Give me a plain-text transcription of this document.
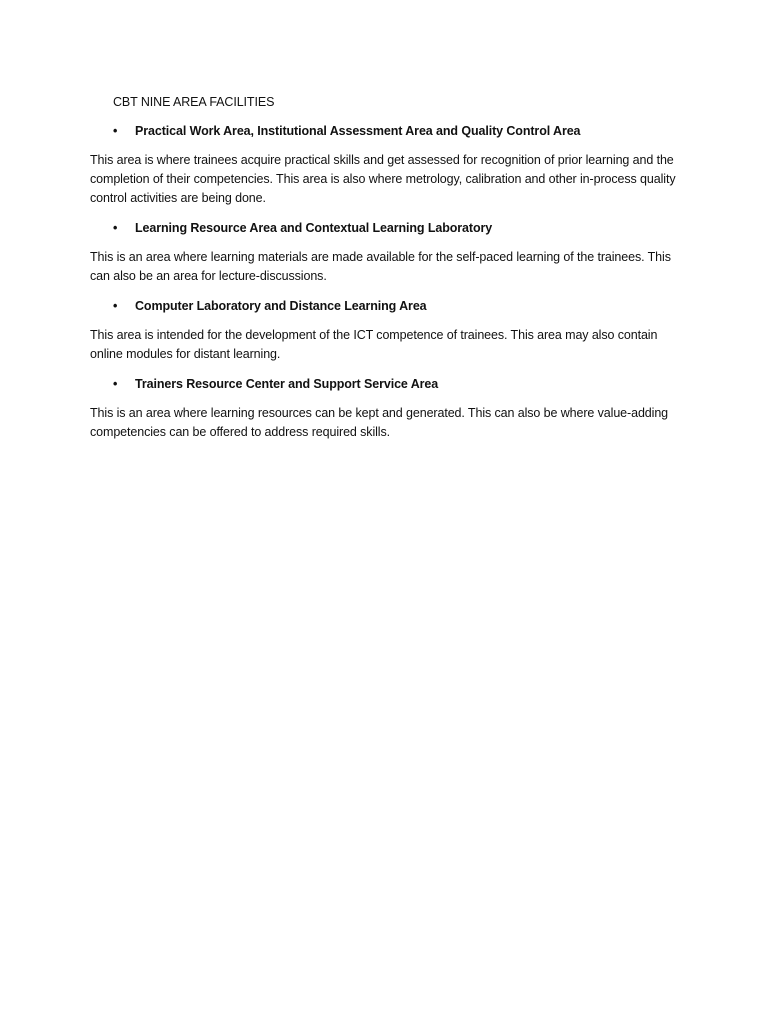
CBT NINE AREA FACILITIES

•	Practical Work Area, Institutional Assessment Area and Quality Control Area

This area is where trainees acquire practical skills and get assessed for recognition of prior learning and the completion of their competencies. This area is also where metrology, calibration and other in-process quality control activities are being done.

•	Learning Resource Area and Contextual Learning Laboratory

This is an area where learning materials are made available for the self-paced learning of the trainees. This can also be an area for lecture-discussions.

•	Computer Laboratory and Distance Learning Area

This area is intended for the development of the ICT competence of trainees. This area may also contain online modules for distant learning.

•	Trainers Resource Center and Support Service Area

This is an area where learning resources can be kept and generated. This can also be where value-adding competencies can be offered to address required skills.
